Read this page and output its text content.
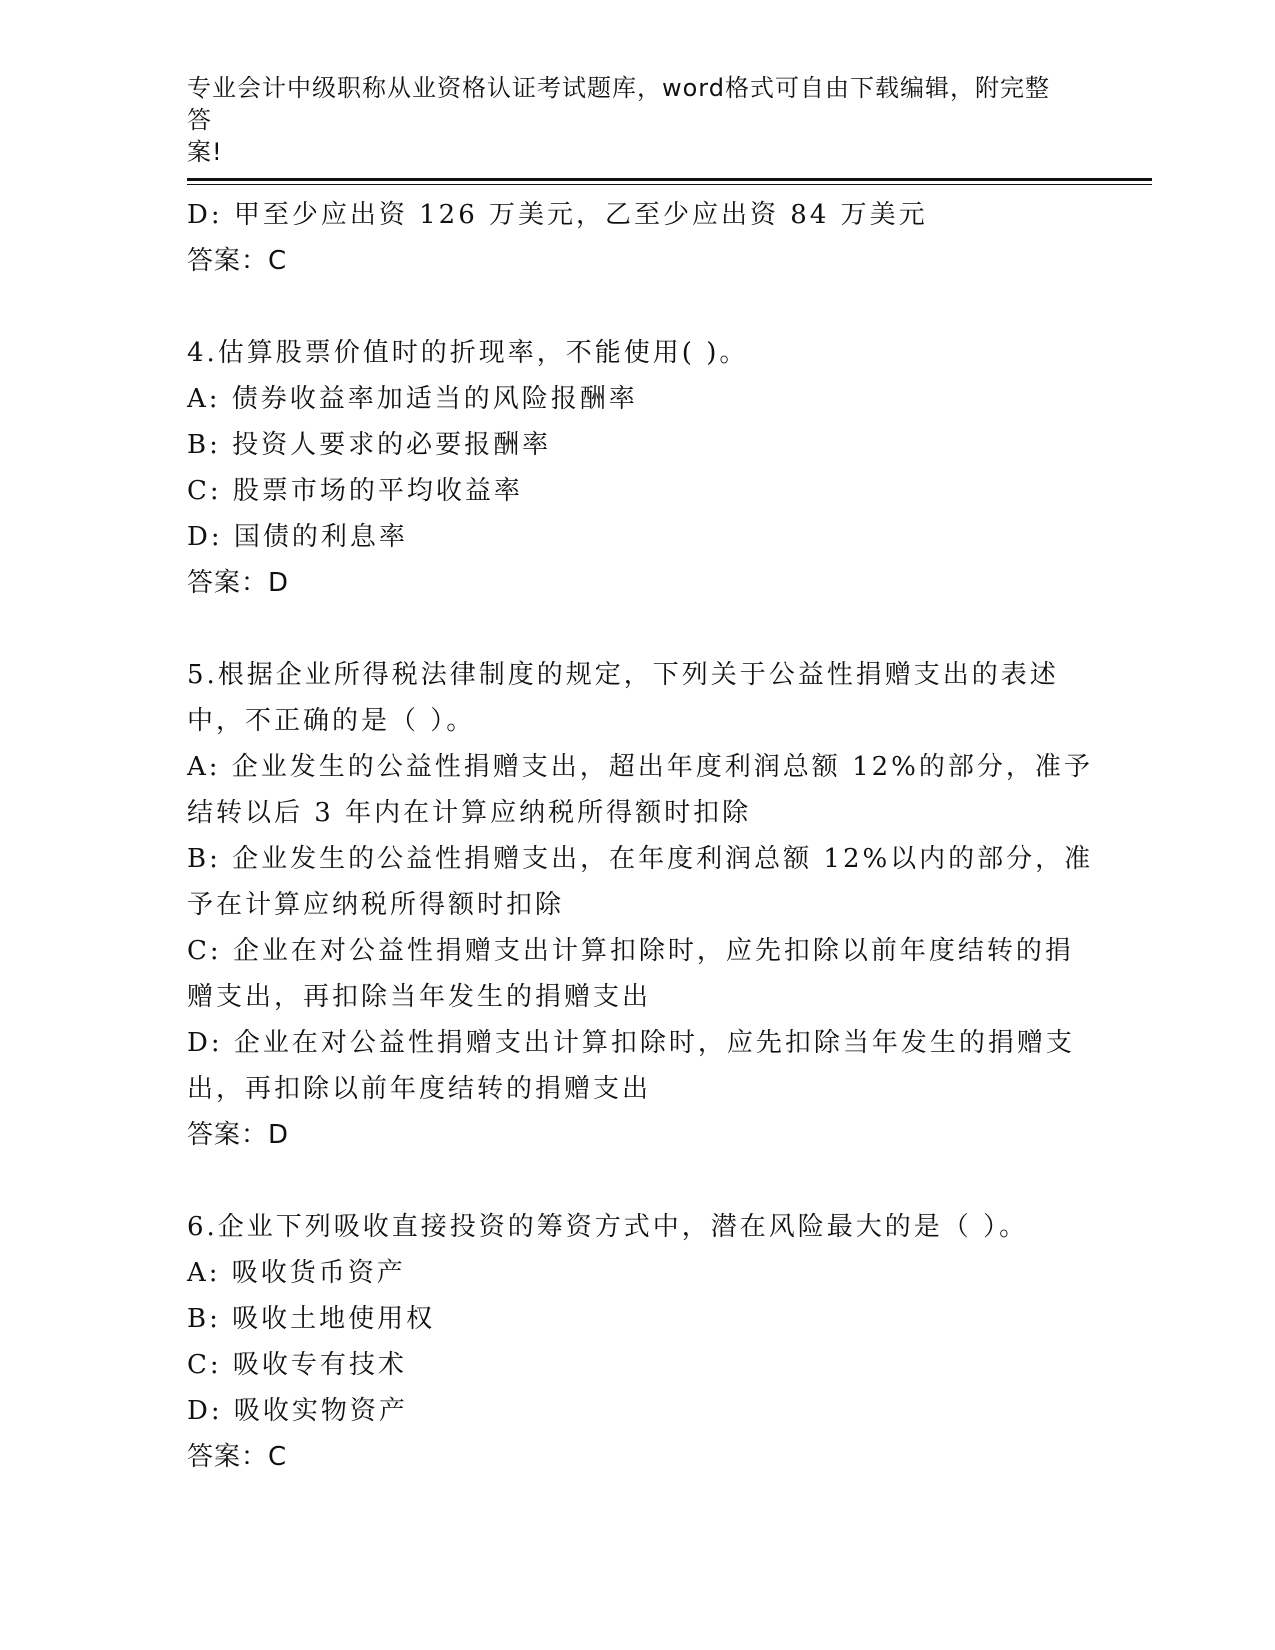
专业会计中级职称从业资格认证考试题库，word格式可自由下载编辑，附完整答
案!
D: 甲至少应出资 126 万美元，乙至少应出资 84 万美元
答案：C
4.估算股票价值时的折现率，不能使用( )。
A: 债券收益率加适当的风险报酬率
B: 投资人要求的必要报酬率
C: 股票市场的平均收益率
D: 国债的利息率
答案：D
5.根据企业所得税法律制度的规定，下列关于公益性捐赠支出的表述
中，不正确的是（ ）。
A: 企业发生的公益性捐赠支出，超出年度利润总额 12%的部分，准予
结转以后 3 年内在计算应纳税所得额时扣除
B: 企业发生的公益性捐赠支出，在年度利润总额 12%以内的部分，准
予在计算应纳税所得额时扣除
C: 企业在对公益性捐赠支出计算扣除时，应先扣除以前年度结转的捐
赠支出，再扣除当年发生的捐赠支出
D: 企业在对公益性捐赠支出计算扣除时，应先扣除当年发生的捐赠支
出，再扣除以前年度结转的捐赠支出
答案：D
6.企业下列吸收直接投资的筹资方式中，潜在风险最大的是（ ）。
A: 吸收货币资产
B: 吸收土地使用权
C: 吸收专有技术
D: 吸收实物资产
答案：C
